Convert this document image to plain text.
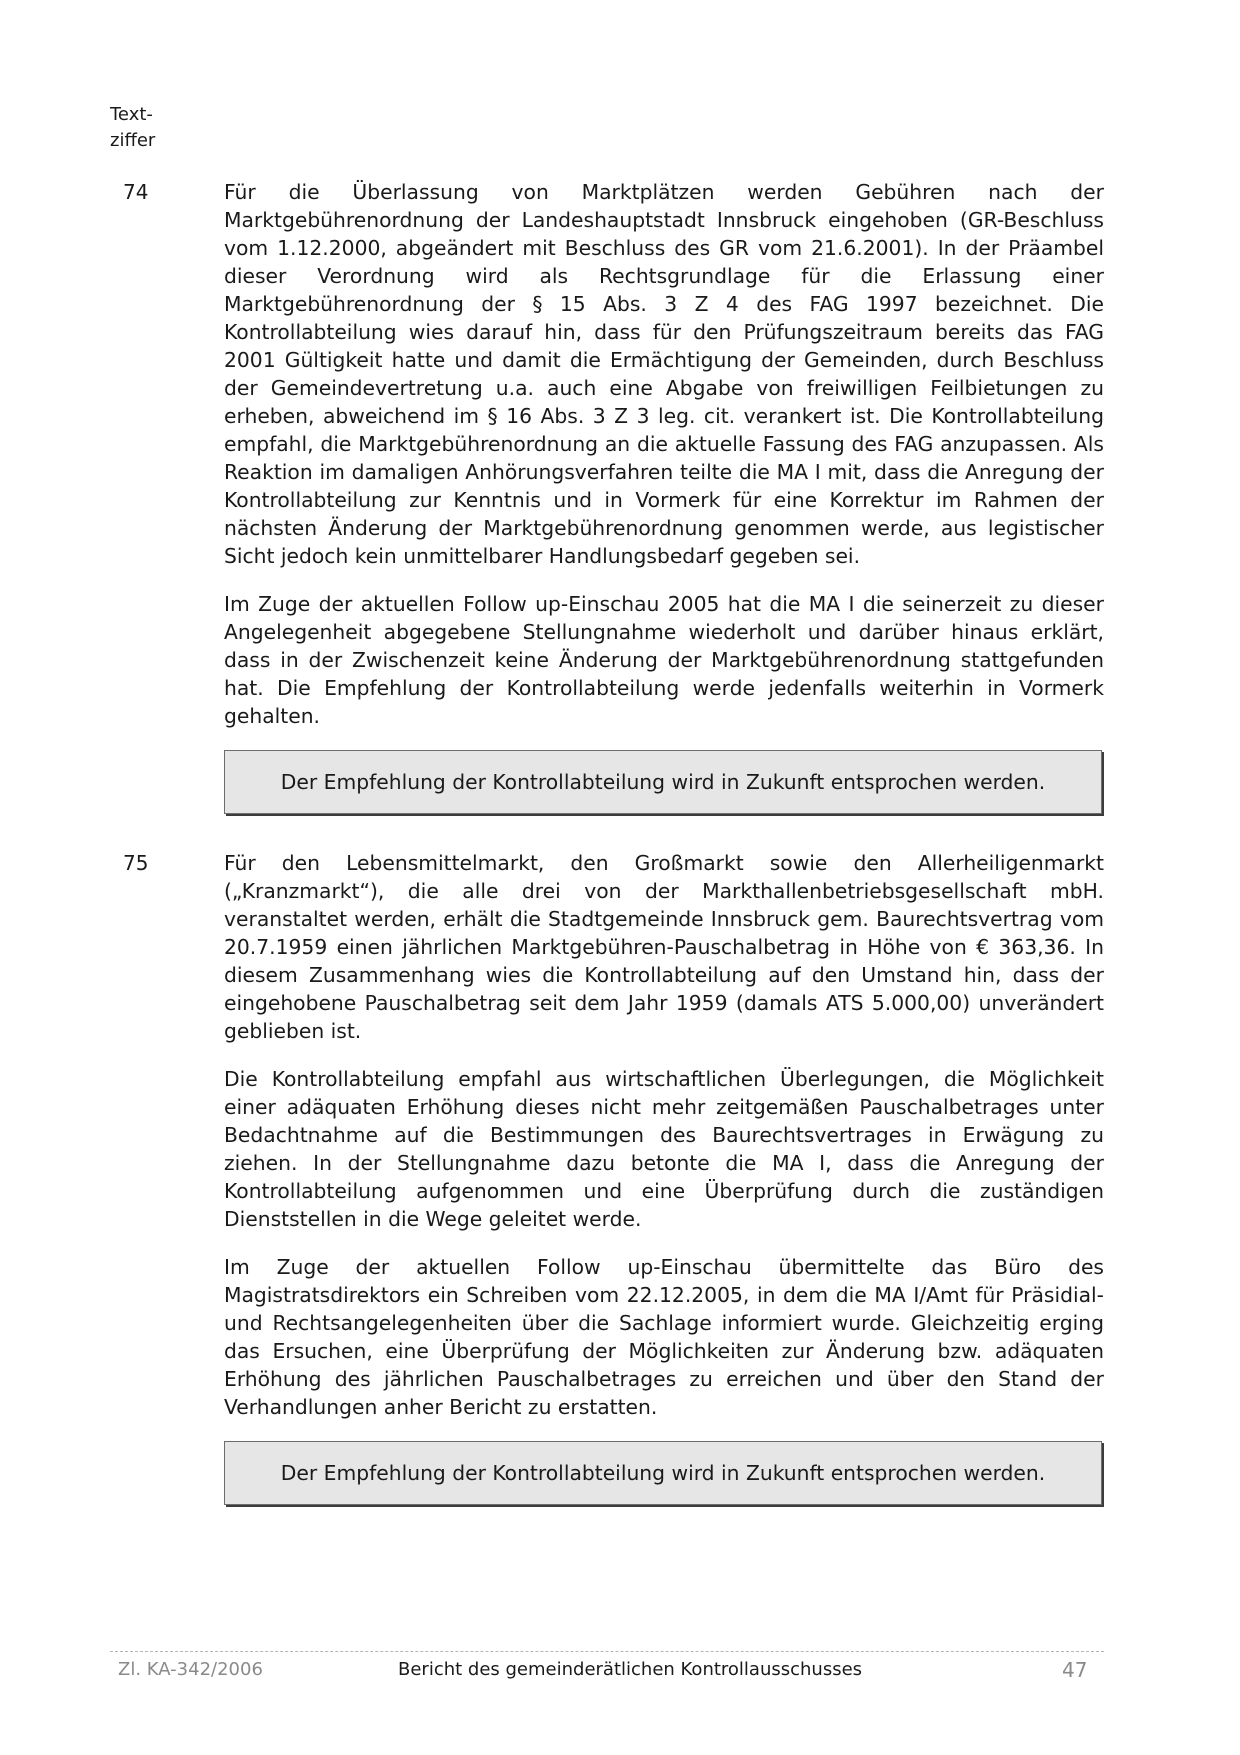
Text-
ziffer
74	Für die Überlassung von Marktplätzen werden Gebühren nach der Marktgebührenordnung der Landeshauptstadt Innsbruck eingehoben (GR-Beschluss vom 1.12.2000, abgeändert mit Beschluss des GR vom 21.6.2001). In der Präambel dieser Verordnung wird als Rechtsgrundlage für die Erlassung einer Marktgebührenordnung der § 15 Abs. 3 Z 4 des FAG 1997 bezeichnet. Die Kontrollabteilung wies darauf hin, dass für den Prüfungszeitraum bereits das FAG 2001 Gültigkeit hatte und damit die Ermächtigung der Gemeinden, durch Beschluss der Gemeindevertretung u.a. auch eine Abgabe von freiwilligen Feilbietungen zu erheben, abweichend im § 16 Abs. 3 Z 3 leg. cit. verankert ist. Die Kontrollabteilung empfahl, die Marktgebührenordnung an die aktuelle Fassung des FAG anzupassen. Als Reaktion im damaligen Anhörungsverfahren teilte die MA I mit, dass die Anregung der Kontrollabteilung zur Kenntnis und in Vormerk für eine Korrektur im Rahmen der nächsten Änderung der Marktgebührenordnung genommen werde, aus legistischer Sicht jedoch kein unmittelbarer Handlungsbedarf gegeben sei.

Im Zuge der aktuellen Follow up-Einschau 2005 hat die MA I die seinerzeit zu dieser Angelegenheit abgegebene Stellungnahme wiederholt und darüber hinaus erklärt, dass in der Zwischenzeit keine Änderung der Marktgebührenordnung stattgefunden hat. Die Empfehlung der Kontrollabteilung werde jedenfalls weiterhin in Vormerk gehalten.

Der Empfehlung der Kontrollabteilung wird in Zukunft entsprochen werden.
75	Für den Lebensmittelmarkt, den Großmarkt sowie den Allerheiligenmarkt („Kranzmarkt“), die alle drei von der Markthallenbetriebsgesellschaft mbH. veranstaltet werden, erhält die Stadtgemeinde Innsbruck gem. Baurechtsvertrag vom 20.7.1959 einen jährlichen Marktgebühren-Pauschalbetrag in Höhe von € 363,36. In diesem Zusammenhang wies die Kontrollabteilung auf den Umstand hin, dass der eingehobene Pauschalbetrag seit dem Jahr 1959 (damals ATS 5.000,00) unverändert geblieben ist.

Die Kontrollabteilung empfahl aus wirtschaftlichen Überlegungen, die Möglichkeit einer adäquaten Erhöhung dieses nicht mehr zeitgemäßen Pauschalbetrages unter Bedachtnahme auf die Bestimmungen des Baurechtsvertrages in Erwägung zu ziehen. In der Stellungnahme dazu betonte die MA I, dass die Anregung der Kontrollabteilung aufgenommen und eine Überprüfung durch die zuständigen Dienststellen in die Wege geleitet werde.

Im Zuge der aktuellen Follow up-Einschau übermittelte das Büro des Magistratsdirektors ein Schreiben vom 22.12.2005, in dem die MA I/Amt für Präsidial- und Rechtsangelegenheiten über die Sachlage informiert wurde. Gleichzeitig erging das Ersuchen, eine Überprüfung der Möglichkeiten zur Änderung bzw. adäquaten Erhöhung des jährlichen Pauschalbetrages zu erreichen und über den Stand der Verhandlungen anher Bericht zu erstatten.

Der Empfehlung der Kontrollabteilung wird in Zukunft entsprochen werden.
Zl. KA-342/2006	Bericht des gemeinderätlichen Kontrollausschusses	47
